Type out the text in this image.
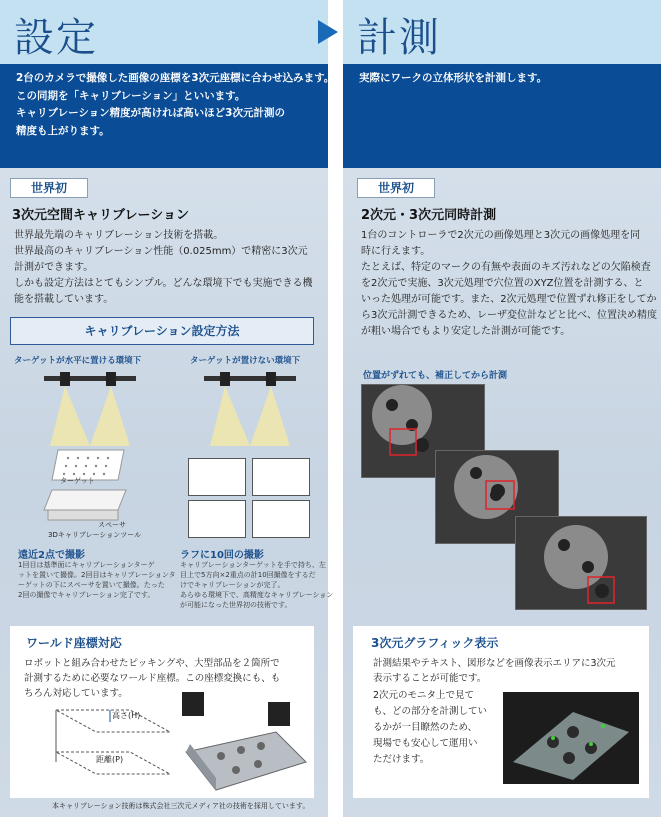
設定
2台のカメラで撮像した画像の座標を3次元座標に合わせ込みます。
この同期を「キャリブレーション」といいます。
キャリブレーション精度が高ければ高いほど3次元計測の
精度も上がります。
世界初
3次元空間キャリブレーション
世界最先端のキャリブレーション技術を搭載。
世界最高のキャリブレーション性能（0.025mm）で精密に3次元
計測ができます。
しかも設定方法はとてもシンプル。どんな環境下でも実施できる機
能を搭載しています。
キャリブレーション設定方法
ターゲットが水平に置ける環境下	ターゲットが置けない環境下
ターゲット
スペーサ
3Dキャリブレーションツール
遠近2点で撮影
1回目は基準面にキャリブレーションターゲ
ットを置いて撮像。2回目はキャリブレーションタ
ーゲットの下にスペーサを置いて撮像。たった
2回の撮像でキャリブレーション完了です。
ラフに10回の撮影
キャリブレーションターゲットを手で持ち、左
目上で5方向×2重点の計10回撮像をするだ
けでキャリブレーションが完了。
あらゆる環境下で、高精度なキャリブレーション
が可能になった世界初の技術です。
ワールド座標対応
ロボットと組み合わせたピッキングや、大型部品を２箇所で
計測するために必要なワールド座標。この座標変換にも、も
ちろん対応しています。
高さ(H)
距離(P)
本キャリブレーション技術は株式会社三次元メディア社の技術を採用しています。
計測
実際にワークの立体形状を計測します。
世界初
2次元・3次元同時計測
1台のコントローラで2次元の画像処理と3次元の画像処理を同
時に行えます。
たとえば、特定のマークの有無や表面のキズ汚れなどの欠陥検査
を2次元で実施、3次元処理で穴位置のXYZ位置を計測する、と
いった処理が可能です。また、2次元処理で位置ずれ修正をしてか
ら3次元計測できるため、レーザ変位計などと比べ、位置決め精度
が粗い場合でもより安定した計測が可能です。
位置がずれても、補正してから計測
3次元グラフィック表示
計測結果やテキスト、図形などを画像表示エリアに3次元
表示することが可能です。
2次元のモニタ上で見て
も、どの部分を計測してい
るかが一目瞭然のため、
現場でも安心して運用い
ただけます。
